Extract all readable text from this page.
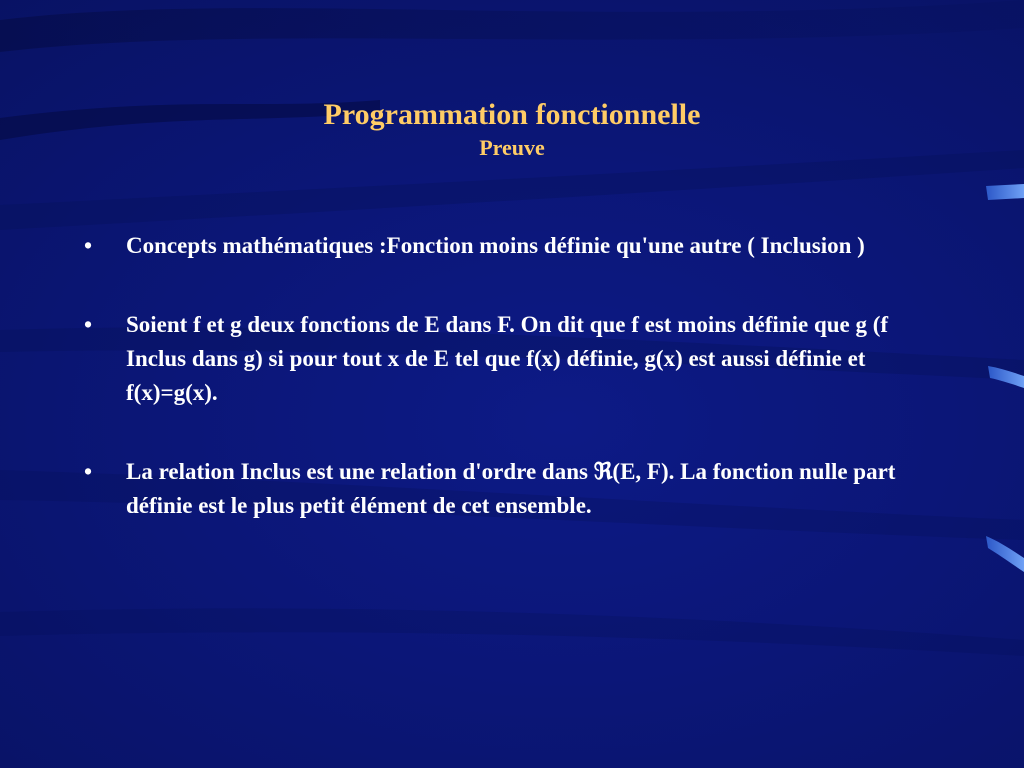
Programmation fonctionnelle
Preuve
•	Concepts mathématiques :Fonction moins définie qu'une autre ( Inclusion )
•	Soient f et g deux fonctions de E dans F. On dit que f est moins définie que g (f Inclus dans g) si pour tout x de E tel que f(x) définie, g(x) est aussi définie et f(x)=g(x).
•	La relation Inclus est une relation d'ordre dans ℜ(E, F). La fonction nulle part définie est le plus petit élément de cet ensemble.
